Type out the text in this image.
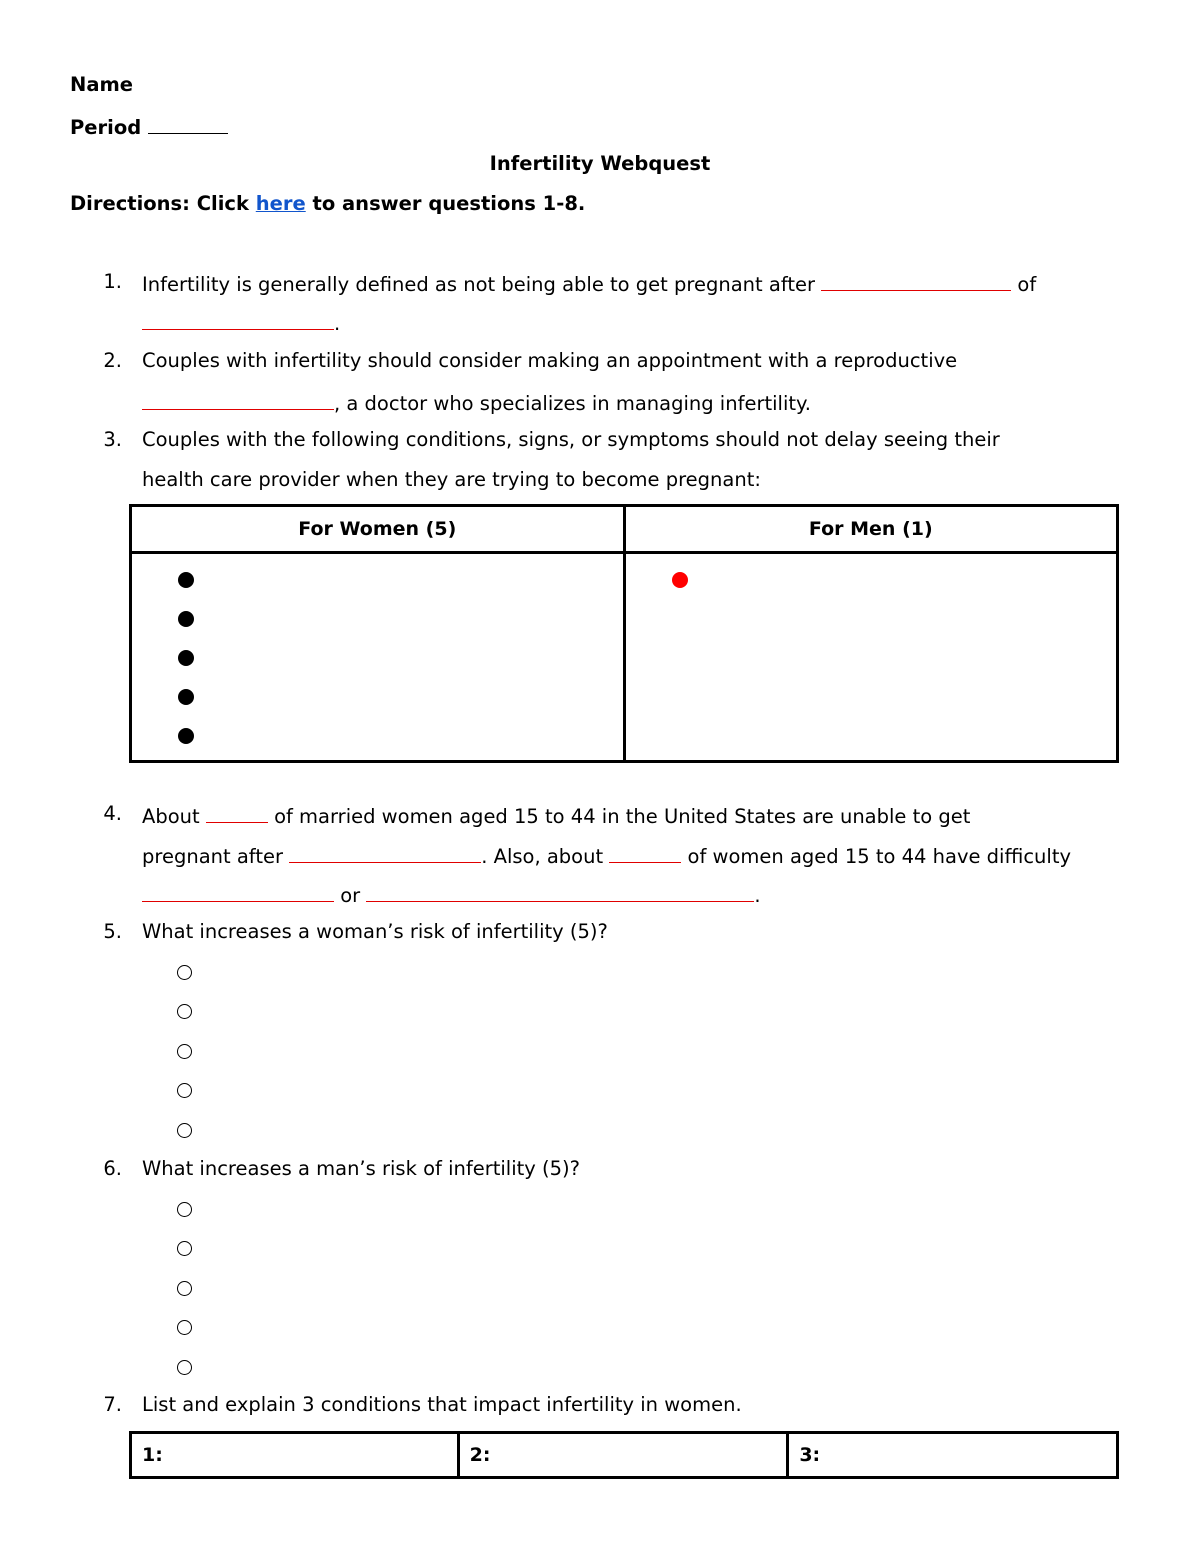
Name
Period
Infertility Webquest
Directions: Click here to answer questions 1-8.
1. Infertility is generally defined as not being able to get pregnant after	of
.
2. Couples with infertility should consider making an appointment with a reproductive
, a doctor who specializes in managing infertility.
3. Couples with the following conditions, signs, or symptoms should not delay seeing their
health care provider when they are trying to become pregnant:
For Women (5)	For Men (1)

4. About	of married women aged 15 to 44 in the United States are unable to get
pregnant after	. Also, about	of women aged 15 to 44 have difficulty
or	.
5. What increases a woman’s risk of infertility (5)?
6. What increases a man’s risk of infertility (5)?
7. List and explain 3 conditions that impact infertility in women.
1:	2:	3:
